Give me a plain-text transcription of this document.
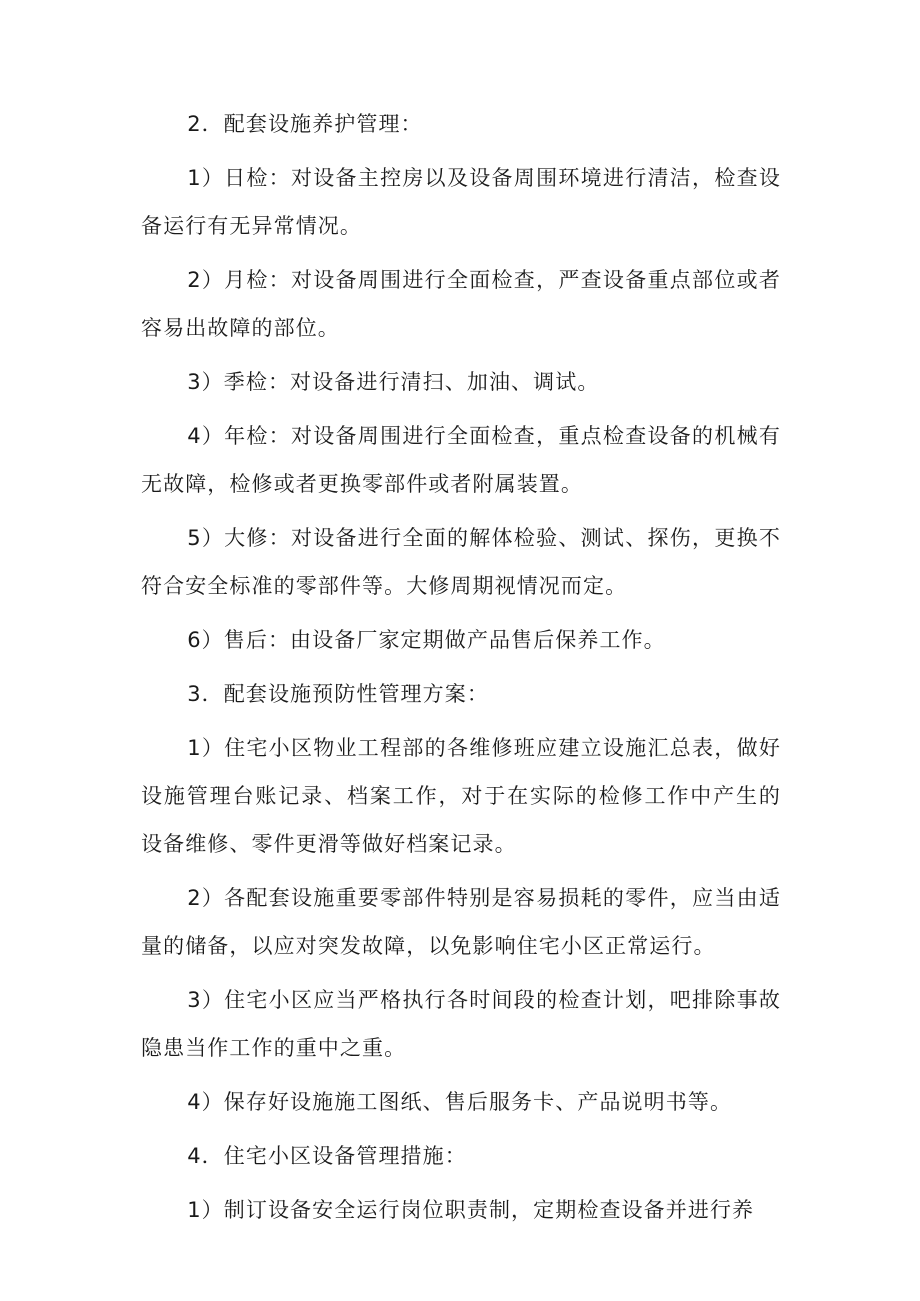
2．配套设施养护管理：

1）日检：对设备主控房以及设备周围环境进行清洁，检查设备运行有无异常情况。

2）月检：对设备周围进行全面检查，严查设备重点部位或者容易出故障的部位。

3）季检：对设备进行清扫、加油、调试。

4）年检：对设备周围进行全面检查，重点检查设备的机械有无故障，检修或者更换零部件或者附属装置。

5）大修：对设备进行全面的解体检验、测试、探伤，更换不符合安全标准的零部件等。大修周期视情况而定。

6）售后：由设备厂家定期做产品售后保养工作。

3．配套设施预防性管理方案：

1）住宅小区物业工程部的各维修班应建立设施汇总表，做好设施管理台账记录、档案工作，对于在实际的检修工作中产生的设备维修、零件更滑等做好档案记录。

2）各配套设施重要零部件特别是容易损耗的零件，应当由适量的储备，以应对突发故障，以免影响住宅小区正常运行。

3）住宅小区应当严格执行各时间段的检查计划，吧排除事故隐患当作工作的重中之重。

4）保存好设施施工图纸、售后服务卡、产品说明书等。

4．住宅小区设备管理措施：

1）制订设备安全运行岗位职责制，定期检查设备并进行养
